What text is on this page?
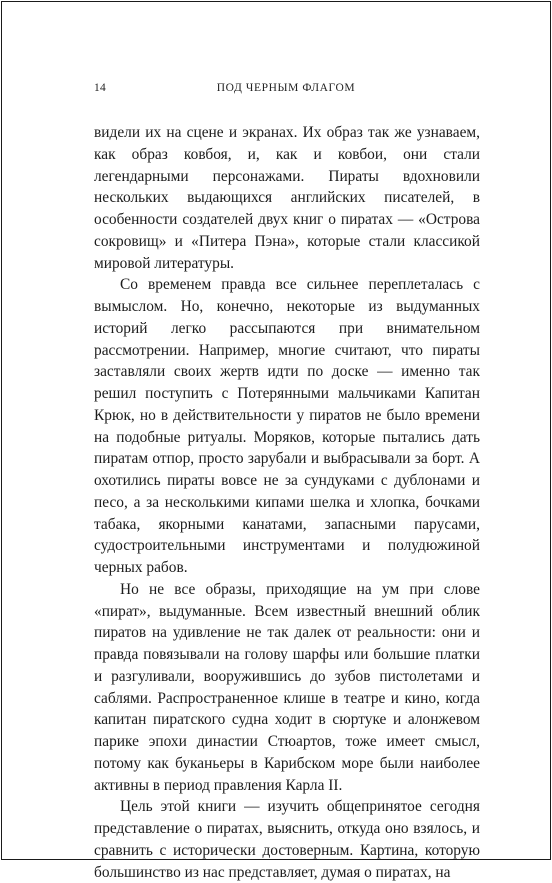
14	ПОД ЧЕРНЫМ ФЛАГОМ

видели их на сцене и экранах. Их образ так же узнаваем, как образ ковбоя, и, как и ковбои, они стали легендарными персонажами. Пираты вдохновили нескольких выдающихся английских писателей, в особенности создателей двух книг о пиратах — «Острова сокровищ» и «Питера Пэна», которые стали классикой мировой литературы.

Со временем правда все сильнее переплеталась с вымыслом. Но, конечно, некоторые из выдуманных историй легко рассыпаются при внимательном рассмотрении. Например, многие считают, что пираты заставляли своих жертв идти по доске — именно так решил поступить с Потерянными мальчиками Капитан Крюк, но в действительности у пиратов не было времени на подобные ритуалы. Моряков, которые пытались дать пиратам отпор, просто зарубали и выбрасывали за борт. А охотились пираты вовсе не за сундуками с дублонами и песо, а за несколькими кипами шелка и хлопка, бочками табака, якорными канатами, запасными парусами, судостроительными инструментами и полудюжиной черных рабов.

Но не все образы, приходящие на ум при слове «пират», выдуманные. Всем известный внешний облик пиратов на удивление не так далек от реальности: они и правда повязывали на голову шарфы или большие платки и разгуливали, вооружившись до зубов пистолетами и саблями. Распространенное клише в театре и кино, когда капитан пиратского судна ходит в сюртуке и алонжевом парике эпохи династии Стюартов, тоже имеет смысл, потому как буканьеры в Карибском море были наиболее активны в период правления Карла II.

Цель этой книги — изучить общепринятое сегодня представление о пиратах, выяснить, откуда оно взялось, и сравнить с исторически достоверным. Картина, которую большинство из нас представляет, думая о пиратах, на
